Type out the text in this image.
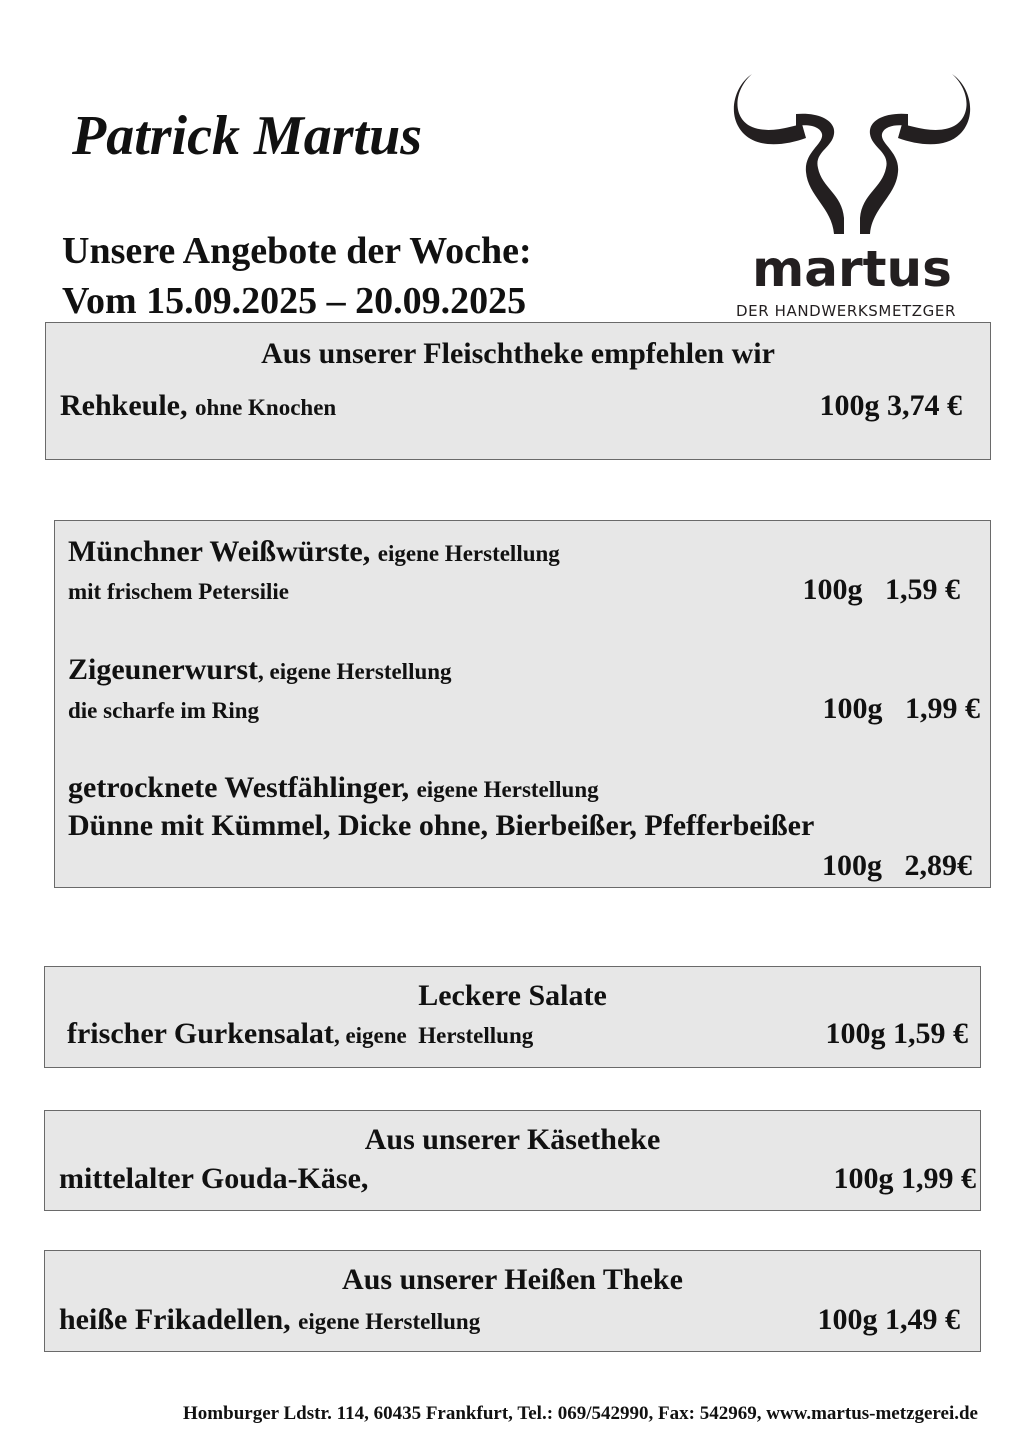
Patrick Martus
Unsere Angebote der Woche:
Vom 15.09.2025 – 20.09.2025
martus
DER HANDWERKSMETZGER
Aus unserer Fleischtheke empfehlen wir
Rehkeule, ohne Knochen	100g 3,74 €
Münchner Weißwürste, eigene Herstellung
mit frischem Petersilie	100g   1,59 €
Zigeunerwurst, eigene Herstellung
die scharfe im Ring	100g   1,99 €
getrocknete Westfählinger, eigene Herstellung
Dünne mit Kümmel, Dicke ohne, Bierbeißer, Pfefferbeißer
100g   2,89€
Leckere Salate
frischer Gurkensalat, eigene  Herstellung	100g 1,59 €
Aus unserer Käsetheke
mittelalter Gouda-Käse,	100g 1,99 €
Aus unserer Heißen Theke
heiße Frikadellen, eigene Herstellung	100g 1,49 €
Homburger Ldstr. 114, 60435 Frankfurt, Tel.: 069/542990, Fax: 542969, www.martus-metzgerei.de
